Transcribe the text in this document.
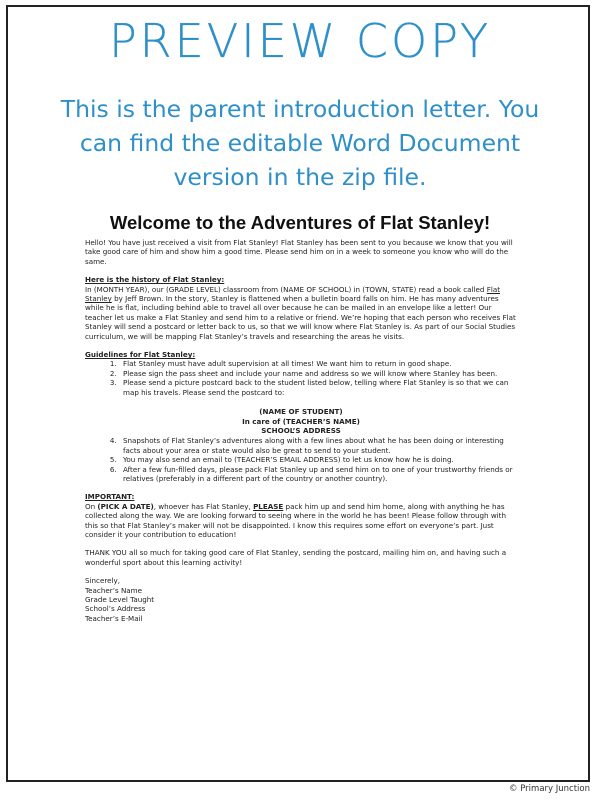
PREVIEW COPY
This is the parent introduction letter. You
can find the editable Word Document
version in the zip file.
Welcome to the Adventures of Flat Stanley!

Hello! You have just received a visit from Flat Stanley! Flat Stanley has been sent to you because we know that you will take good care of him and show him a good time. Please send him on in a week to someone you know who will do the same.

Here is the history of Flat Stanley:
In (MONTH YEAR), our (GRADE LEVEL) classroom from (NAME OF SCHOOL) in (TOWN, STATE) read a book called Flat Stanley by Jeff Brown. In the story, Stanley is flattened when a bulletin board falls on him. He has many adventures while he is flat, including behind able to travel all over because he can be mailed in an envelope like a letter! Our teacher let us make a Flat Stanley and send him to a relative or friend. We’re hoping that each person who receives Flat Stanley will send a postcard or letter back to us, so that we will know where Flat Stanley is. As part of our Social Studies curriculum, we will be mapping Flat Stanley’s travels and researching the areas he visits.

Guidelines for Flat Stanley:
1. Flat Stanley must have adult supervision at all times! We want him to return in good shape.
2. Please sign the pass sheet and include your name and address so we will know where Stanley has been.
3. Please send a picture postcard back to the student listed below, telling where Flat Stanley is so that we can map his travels. Please send the postcard to:
(NAME OF STUDENT)
In care of (TEACHER’S NAME)
SCHOOL’S ADDRESS
4. Snapshots of Flat Stanley’s adventures along with a few lines about what he has been doing or interesting facts about your area or state would also be great to send to your student.
5. You may also send an email to (TEACHER’S EMAIL ADDRESS) to let us know how he is doing.
6. After a few fun-filled days, please pack Flat Stanley up and send him on to one of your trustworthy friends or relatives (preferably in a different part of the country or another country).

IMPORTANT:
On (PICK A DATE), whoever has Flat Stanley, PLEASE pack him up and send him home, along with anything he has collected along the way. We are looking forward to seeing where in the world he has been! Please follow through with this so that Flat Stanley’s maker will not be disappointed. I know this requires some effort on everyone’s part. Just consider it your contribution to education!

THANK YOU all so much for taking good care of Flat Stanley, sending the postcard, mailing him on, and having such a wonderful sport about this learning activity!

Sincerely,
Teacher’s Name
Grade Level Taught
School’s Address
Teacher’s E-Mail
© Primary Junction
